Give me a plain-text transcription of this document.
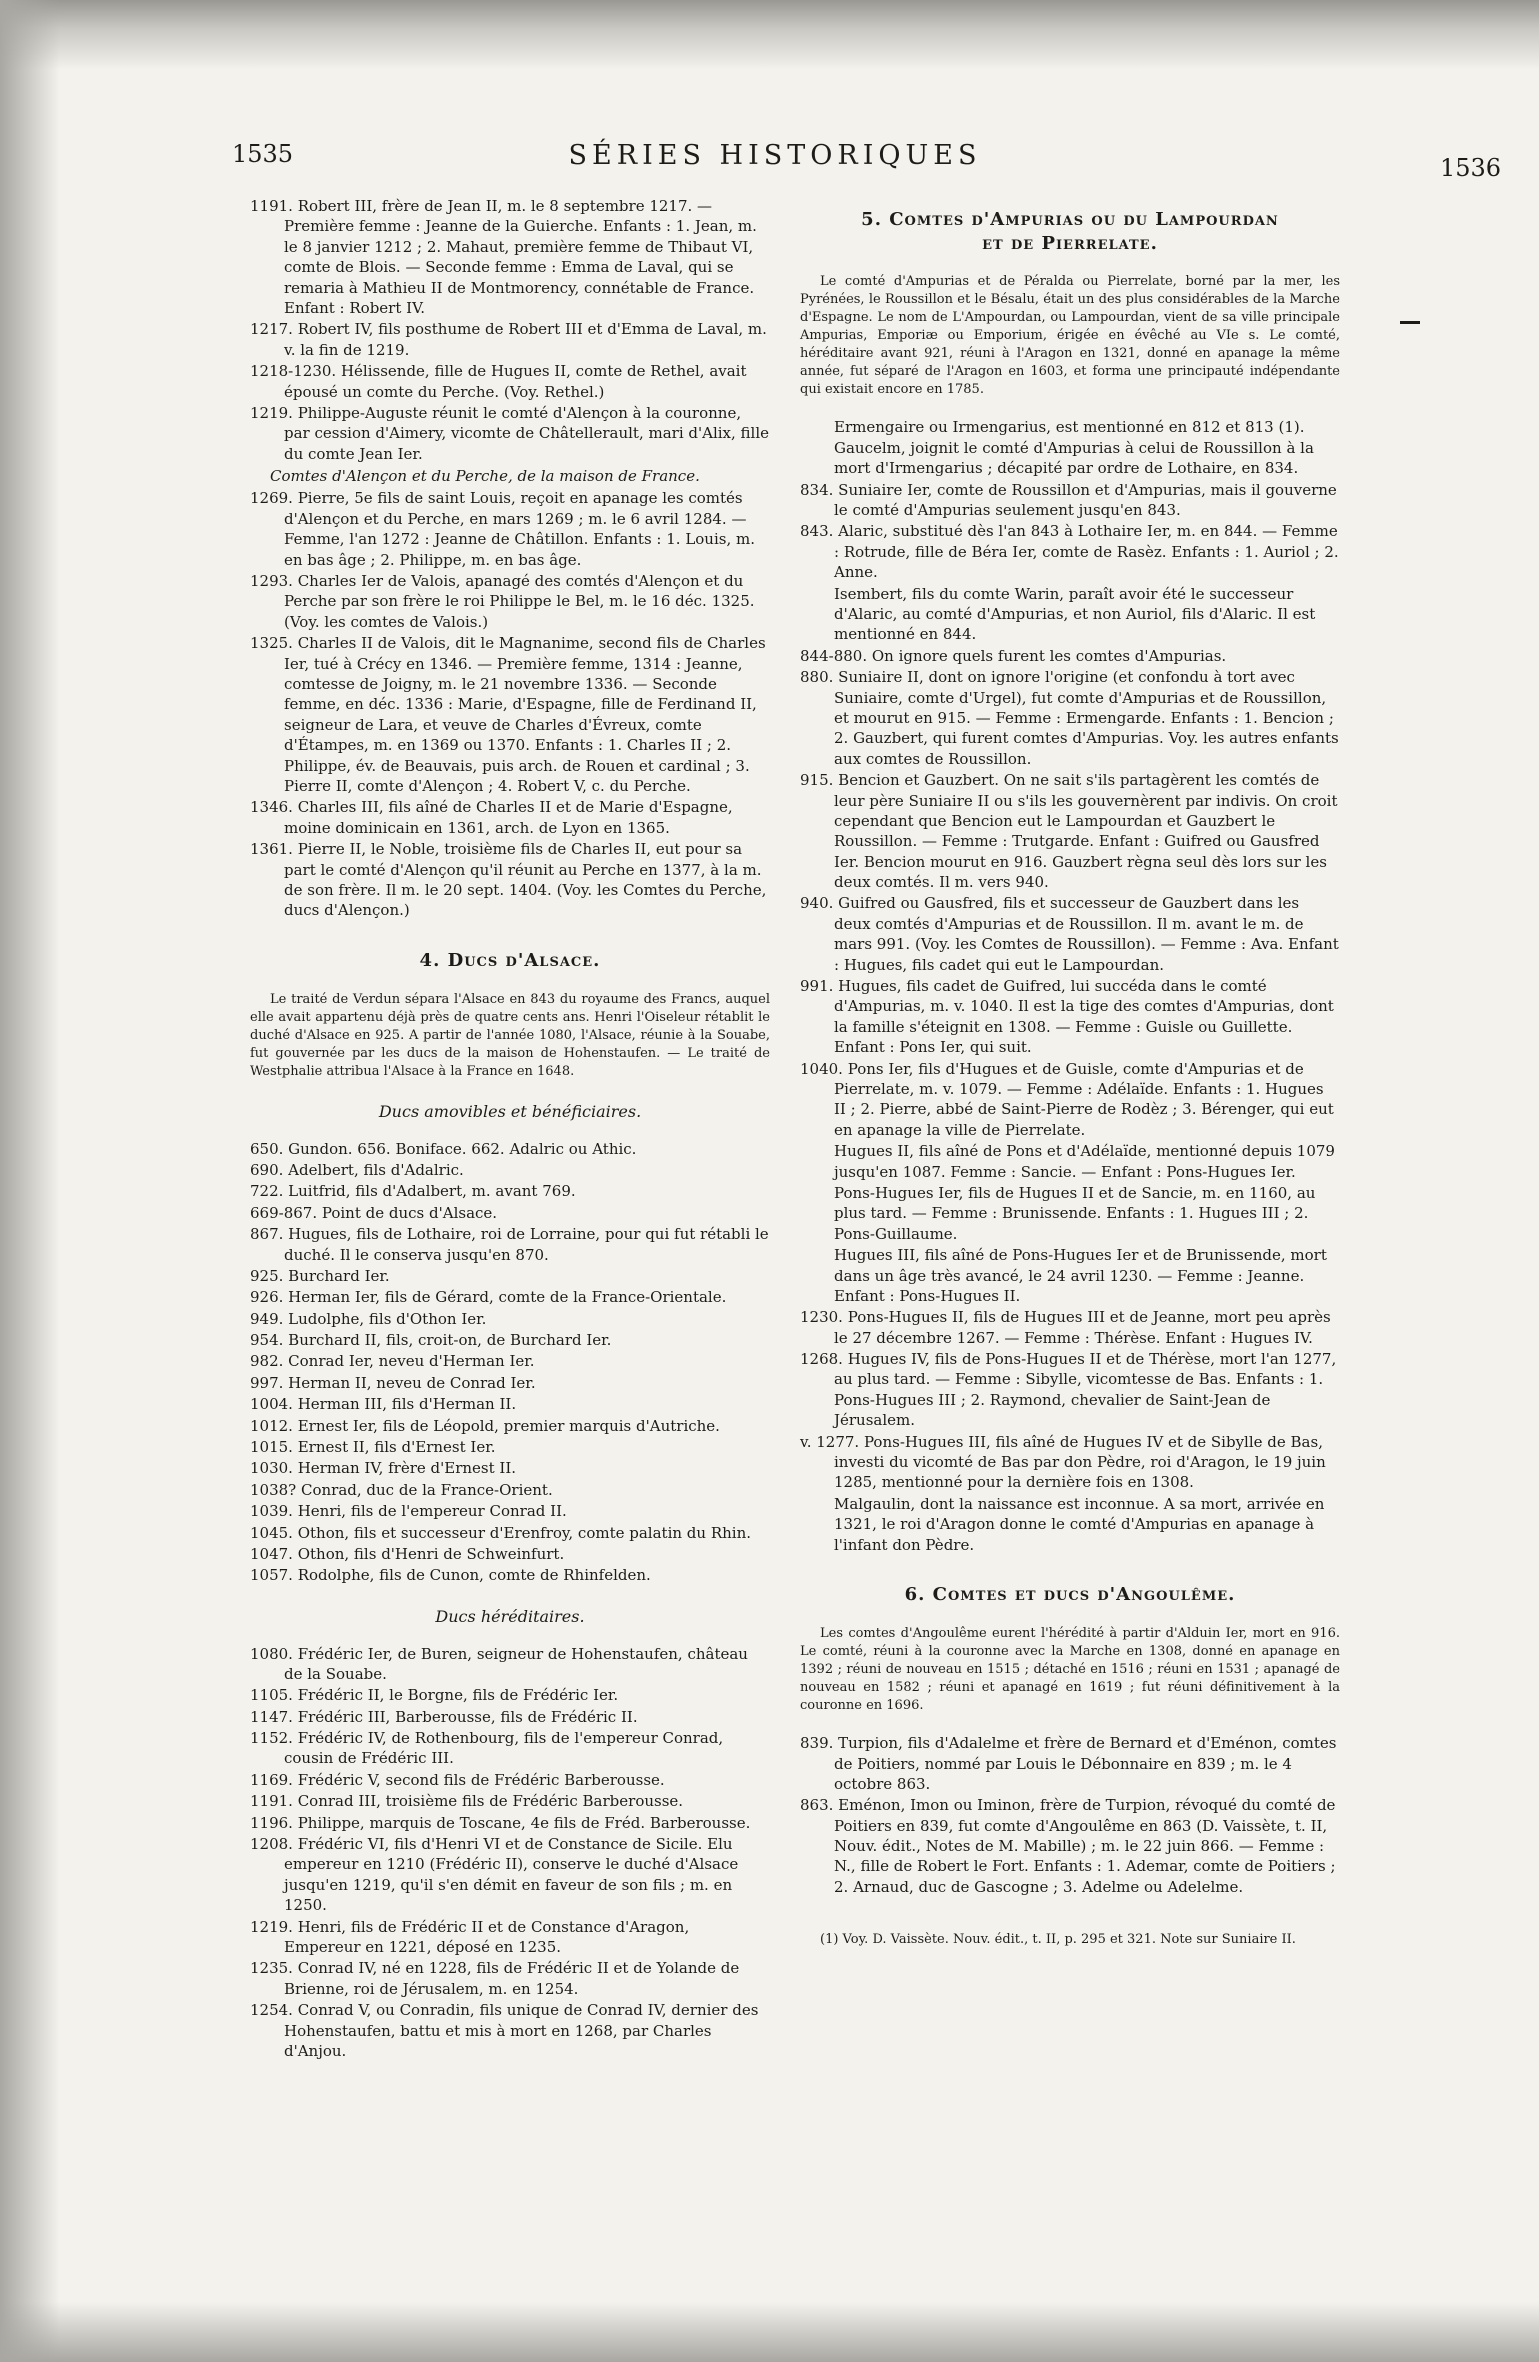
1535	SÉRIES HISTORIQUES	1536

1191. Robert III, frère de Jean II, m. le 8 septembre 1217. — Première femme : Jeanne de la Guierche. Enfants : 1. Jean, m. le 8 janvier 1212 ; 2. Mahaut, première femme de Thibaut VI, comte de Blois. — Seconde femme : Emma de Laval, qui se remaria à Mathieu II de Montmorency, connétable de France. Enfant : Robert IV.

1217. Robert IV, fils posthume de Robert III et d'Emma de Laval, m. v. la fin de 1219.

1218-1230. Hélissende, fille de Hugues II, comte de Rethel, avait épousé un comte du Perche. (Voy. Rethel.)

1219. Philippe-Auguste réunit le comté d'Alençon à la couronne, par cession d'Aimery, vicomte de Châtellerault, mari d'Alix, fille du comte Jean Ier.

Comtes d'Alençon et du Perche, de la maison de France.

1269. Pierre, 5e fils de saint Louis, reçoit en apanage les comtés d'Alençon et du Perche, en mars 1269 ; m. le 6 avril 1284. — Femme, l'an 1272 : Jeanne de Châtillon. Enfants : 1. Louis, m. en bas âge ; 2. Philippe, m. en bas âge.

1293. Charles Ier de Valois, apanagé des comtés d'Alençon et du Perche par son frère le roi Philippe le Bel, m. le 16 déc. 1325. (Voy. les comtes de Valois.)

1325. Charles II de Valois, dit le Magnanime, second fils de Charles Ier, tué à Crécy en 1346. — Première femme, 1314 : Jeanne, comtesse de Joigny, m. le 21 novembre 1336. — Seconde femme, en déc. 1336 : Marie, d'Espagne, fille de Ferdinand II, seigneur de Lara, et veuve de Charles d'Évreux, comte d'Étampes, m. en 1369 ou 1370. Enfants : 1. Charles II ; 2. Philippe, év. de Beauvais, puis arch. de Rouen et cardinal ; 3. Pierre II, comte d'Alençon ; 4. Robert V, c. du Perche.

1346. Charles III, fils aîné de Charles II et de Marie d'Espagne, moine dominicain en 1361, arch. de Lyon en 1365.

1361. Pierre II, le Noble, troisième fils de Charles II, eut pour sa part le comté d'Alençon qu'il réunit au Perche en 1377, à la m. de son frère. Il m. le 20 sept. 1404. (Voy. les Comtes du Perche, ducs d'Alençon.)

4. Ducs d'Alsace.

Le traité de Verdun sépara l'Alsace en 843 du royaume des Francs, auquel elle avait appartenu déjà près de quatre cents ans. Henri l'Oiseleur rétablit le duché d'Alsace en 925. A partir de l'année 1080, l'Alsace, réunie à la Souabe, fut gouvernée par les ducs de la maison de Hohenstaufen. — Le traité de Westphalie attribua l'Alsace à la France en 1648.

Ducs amovibles et bénéficiaires.

650. Gundon. 656. Boniface. 662. Adalric ou Athic.

690. Adelbert, fils d'Adalric.

722. Luitfrid, fils d'Adalbert, m. avant 769.

669-867. Point de ducs d'Alsace.

867. Hugues, fils de Lothaire, roi de Lorraine, pour qui fut rétabli le duché. Il le conserva jusqu'en 870.

925. Burchard Ier.

926. Herman Ier, fils de Gérard, comte de la France-Orientale.

949. Ludolphe, fils d'Othon Ier.

954. Burchard II, fils, croit-on, de Burchard Ier.

982. Conrad Ier, neveu d'Herman Ier.

997. Herman II, neveu de Conrad Ier.

1004. Herman III, fils d'Herman II.

1012. Ernest Ier, fils de Léopold, premier marquis d'Autriche.

1015. Ernest II, fils d'Ernest Ier.

1030. Herman IV, frère d'Ernest II.

1038? Conrad, duc de la France-Orient.

1039. Henri, fils de l'empereur Conrad II.

1045. Othon, fils et successeur d'Erenfroy, comte palatin du Rhin.

1047. Othon, fils d'Henri de Schweinfurt.

1057. Rodolphe, fils de Cunon, comte de Rhinfelden.

Ducs héréditaires.

1080. Frédéric Ier, de Buren, seigneur de Hohenstaufen, château de la Souabe.

1105. Frédéric II, le Borgne, fils de Frédéric Ier.

1147. Frédéric III, Barberousse, fils de Frédéric II.

1152. Frédéric IV, de Rothenbourg, fils de l'empereur Conrad, cousin de Frédéric III.

1169. Frédéric V, second fils de Frédéric Barberousse.

1191. Conrad III, troisième fils de Frédéric Barberousse.

1196. Philippe, marquis de Toscane, 4e fils de Fréd. Barberousse.

1208. Frédéric VI, fils d'Henri VI et de Constance de Sicile. Elu empereur en 1210 (Frédéric II), conserve le duché d'Alsace jusqu'en 1219, qu'il s'en démit en faveur de son fils ; m. en 1250.

1219. Henri, fils de Frédéric II et de Constance d'Aragon, Empereur en 1221, déposé en 1235.

1235. Conrad IV, né en 1228, fils de Frédéric II et de Yolande de Brienne, roi de Jérusalem, m. en 1254.

1254. Conrad V, ou Conradin, fils unique de Conrad IV, dernier des Hohenstaufen, battu et mis à mort en 1268, par Charles d'Anjou.

5. Comtes d'Ampurias ou du Lampourdan
et de Pierrelate.

Le comté d'Ampurias et de Péralda ou Pierrelate, borné par la mer, les Pyrénées, le Roussillon et le Bésalu, était un des plus considérables de la Marche d'Espagne. Le nom de L'Ampourdan, ou Lampourdan, vient de sa ville principale Ampurias, Emporiæ ou Emporium, érigée en évêché au VIe s. Le comté, héréditaire avant 921, réuni à l'Aragon en 1321, donné en apanage la même année, fut séparé de l'Aragon en 1603, et forma une principauté indépendante qui existait encore en 1785.

Ermengaire ou Irmengarius, est mentionné en 812 et 813 (1).

Gaucelm, joignit le comté d'Ampurias à celui de Roussillon à la mort d'Irmengarius ; décapité par ordre de Lothaire, en 834.

834. Suniaire Ier, comte de Roussillon et d'Ampurias, mais il gouverne le comté d'Ampurias seulement jusqu'en 843.

843. Alaric, substitué dès l'an 843 à Lothaire Ier, m. en 844. — Femme : Rotrude, fille de Béra Ier, comte de Rasèz. Enfants : 1. Auriol ; 2. Anne.

Isembert, fils du comte Warin, paraît avoir été le successeur d'Alaric, au comté d'Ampurias, et non Auriol, fils d'Alaric. Il est mentionné en 844.

844-880. On ignore quels furent les comtes d'Ampurias.

880. Suniaire II, dont on ignore l'origine (et confondu à tort avec Suniaire, comte d'Urgel), fut comte d'Ampurias et de Roussillon, et mourut en 915. — Femme : Ermengarde. Enfants : 1. Bencion ; 2. Gauzbert, qui furent comtes d'Ampurias. Voy. les autres enfants aux comtes de Roussillon.

915. Bencion et Gauzbert. On ne sait s'ils partagèrent les comtés de leur père Suniaire II ou s'ils les gouvernèrent par indivis. On croit cependant que Bencion eut le Lampourdan et Gauzbert le Roussillon. — Femme : Trutgarde. Enfant : Guifred ou Gausfred Ier. Bencion mourut en 916. Gauzbert règna seul dès lors sur les deux comtés. Il m. vers 940.

940. Guifred ou Gausfred, fils et successeur de Gauzbert dans les deux comtés d'Ampurias et de Roussillon. Il m. avant le m. de mars 991. (Voy. les Comtes de Roussillon). — Femme : Ava. Enfant : Hugues, fils cadet qui eut le Lampourdan.

991. Hugues, fils cadet de Guifred, lui succéda dans le comté d'Ampurias, m. v. 1040. Il est la tige des comtes d'Ampurias, dont la famille s'éteignit en 1308. — Femme : Guisle ou Guillette. Enfant : Pons Ier, qui suit.

1040. Pons Ier, fils d'Hugues et de Guisle, comte d'Ampurias et de Pierrelate, m. v. 1079. — Femme : Adélaïde. Enfants : 1. Hugues II ; 2. Pierre, abbé de Saint-Pierre de Rodèz ; 3. Bérenger, qui eut en apanage la ville de Pierrelate.

Hugues II, fils aîné de Pons et d'Adélaïde, mentionné depuis 1079 jusqu'en 1087. Femme : Sancie. — Enfant : Pons-Hugues Ier.

Pons-Hugues Ier, fils de Hugues II et de Sancie, m. en 1160, au plus tard. — Femme : Brunissende. Enfants : 1. Hugues III ; 2. Pons-Guillaume.

Hugues III, fils aîné de Pons-Hugues Ier et de Brunissende, mort dans un âge très avancé, le 24 avril 1230. — Femme : Jeanne. Enfant : Pons-Hugues II.

1230. Pons-Hugues II, fils de Hugues III et de Jeanne, mort peu après le 27 décembre 1267. — Femme : Thérèse. Enfant : Hugues IV.

1268. Hugues IV, fils de Pons-Hugues II et de Thérèse, mort l'an 1277, au plus tard. — Femme : Sibylle, vicomtesse de Bas. Enfants : 1. Pons-Hugues III ; 2. Raymond, chevalier de Saint-Jean de Jérusalem.

v. 1277. Pons-Hugues III, fils aîné de Hugues IV et de Sibylle de Bas, investi du vicomté de Bas par don Pèdre, roi d'Aragon, le 19 juin 1285, mentionné pour la dernière fois en 1308.

Malgaulin, dont la naissance est inconnue. A sa mort, arrivée en 1321, le roi d'Aragon donne le comté d'Ampurias en apanage à l'infant don Pèdre.

6. Comtes et ducs d'Angoulême.

Les comtes d'Angoulême eurent l'hérédité à partir d'Alduin Ier, mort en 916. Le comté, réuni à la couronne avec la Marche en 1308, donné en apanage en 1392 ; réuni de nouveau en 1515 ; détaché en 1516 ; réuni en 1531 ; apanagé de nouveau en 1582 ; réuni et apanagé en 1619 ; fut réuni définitivement à la couronne en 1696.

839. Turpion, fils d'Adalelme et frère de Bernard et d'Eménon, comtes de Poitiers, nommé par Louis le Débonnaire en 839 ; m. le 4 octobre 863.

863. Eménon, Imon ou Iminon, frère de Turpion, révoqué du comté de Poitiers en 839, fut comte d'Angoulême en 863 (D. Vaissète, t. II, Nouv. édit., Notes de M. Mabille) ; m. le 22 juin 866. — Femme : N., fille de Robert le Fort. Enfants : 1. Ademar, comte de Poitiers ; 2. Arnaud, duc de Gascogne ; 3. Adelme ou Adelelme.

(1) Voy. D. Vaissète. Nouv. édit., t. II, p. 295 et 321. Note sur Suniaire II.
